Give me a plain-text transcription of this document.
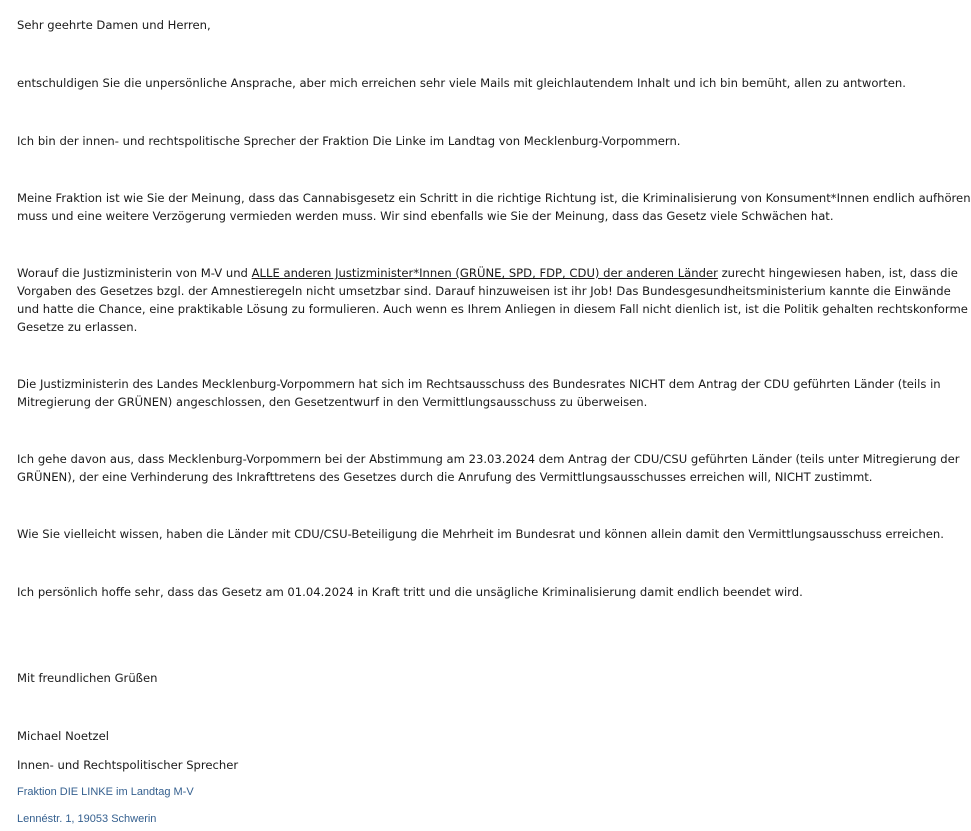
Sehr geehrte Damen und Herren,
entschuldigen Sie die unpersönliche Ansprache, aber mich erreichen sehr viele Mails mit gleichlautendem Inhalt und ich bin bemüht, allen zu antworten.
Ich bin der innen- und rechtspolitische Sprecher der Fraktion Die Linke im Landtag von Mecklenburg-Vorpommern.
Meine Fraktion ist wie Sie der Meinung, dass das Cannabisgesetz ein Schritt in die richtige Richtung ist, die Kriminalisierung von Konsument*Innen endlich aufhören
muss und eine weitere Verzögerung vermieden werden muss. Wir sind ebenfalls wie Sie der Meinung, dass das Gesetz viele Schwächen hat.
Worauf die Justizministerin von M-V und ALLE anderen Justizminister*Innen (GRÜNE, SPD, FDP, CDU) der anderen Länder zurecht hingewiesen haben, ist, dass die
Vorgaben des Gesetzes bzgl. der Amnestieregeln nicht umsetzbar sind. Darauf hinzuweisen ist ihr Job! Das Bundesgesundheitsministerium kannte die Einwände
und hatte die Chance, eine praktikable Lösung zu formulieren. Auch wenn es Ihrem Anliegen in diesem Fall nicht dienlich ist, ist die Politik gehalten rechtskonforme
Gesetze zu erlassen.
Die Justizministerin des Landes Mecklenburg-Vorpommern hat sich im Rechtsausschuss des Bundesrates NICHT dem Antrag der CDU geführten Länder (teils in
Mitregierung der GRÜNEN) angeschlossen, den Gesetzentwurf in den Vermittlungsausschuss zu überweisen.
Ich gehe davon aus, dass Mecklenburg-Vorpommern bei der Abstimmung am 23.03.2024 dem Antrag der CDU/CSU geführten Länder (teils unter Mitregierung der
GRÜNEN), der eine Verhinderung des Inkrafttretens des Gesetzes durch die Anrufung des Vermittlungsausschusses erreichen will, NICHT zustimmt.
Wie Sie vielleicht wissen, haben die Länder mit CDU/CSU-Beteiligung die Mehrheit im Bundesrat und können allein damit den Vermittlungsausschuss erreichen.
Ich persönlich hoffe sehr, dass das Gesetz am 01.04.2024 in Kraft tritt und die unsägliche Kriminalisierung damit endlich beendet wird.
Mit freundlichen Grüßen
Michael Noetzel
Innen- und Rechtspolitischer Sprecher
Fraktion DIE LINKE im Landtag M-V
Lennéstr. 1, 19053 Schwerin
